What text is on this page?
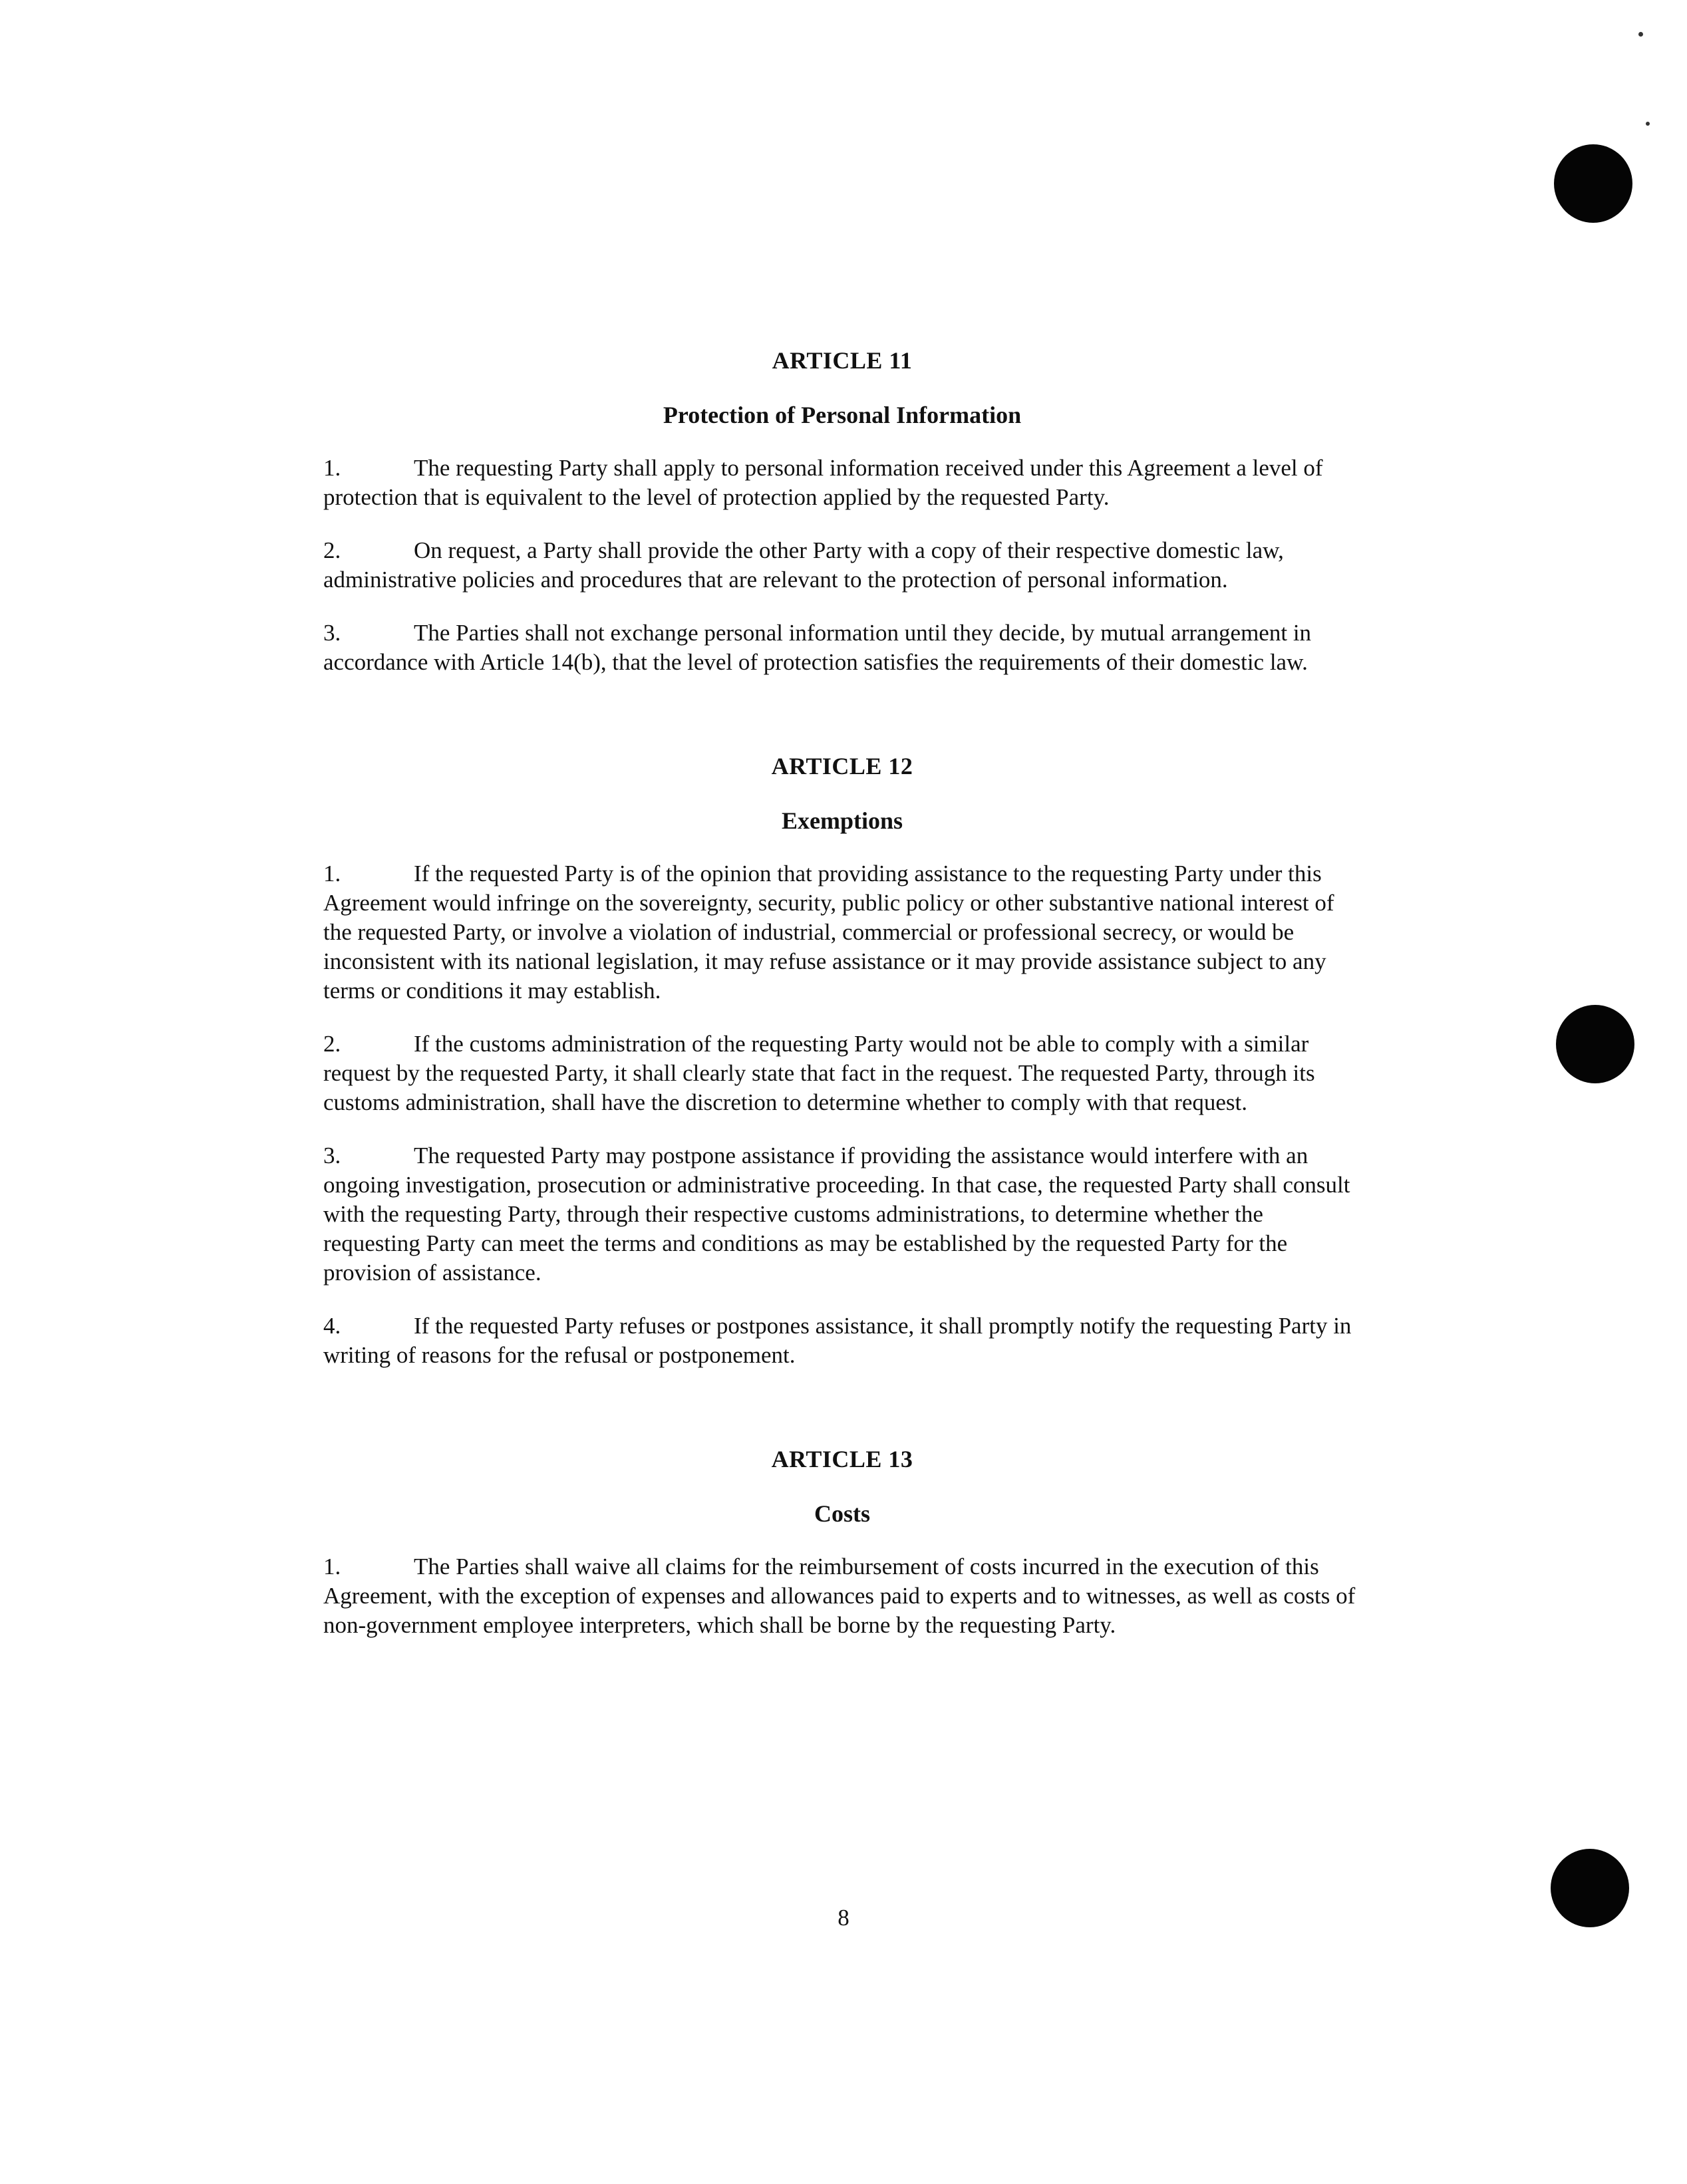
ARTICLE 11
Protection of Personal Information

1.	The requesting Party shall apply to personal information received under this Agreement a level of protection that is equivalent to the level of protection applied by the requested Party.

2.	On request, a Party shall provide the other Party with a copy of their respective domestic law, administrative policies and procedures that are relevant to the protection of personal information.

3.	The Parties shall not exchange personal information until they decide, by mutual arrangement in accordance with Article 14(b), that the level of protection satisfies the requirements of their domestic law.

ARTICLE 12
Exemptions

1.	If the requested Party is of the opinion that providing assistance to the requesting Party under this Agreement would infringe on the sovereignty, security, public policy or other substantive national interest of the requested Party, or involve a violation of industrial, commercial or professional secrecy, or would be inconsistent with its national legislation, it may refuse assistance or it may provide assistance subject to any terms or conditions it may establish.

2.	If the customs administration of the requesting Party would not be able to comply with a similar request by the requested Party, it shall clearly state that fact in the request. The requested Party, through its customs administration, shall have the discretion to determine whether to comply with that request.

3.	The requested Party may postpone assistance if providing the assistance would interfere with an ongoing investigation, prosecution or administrative proceeding. In that case, the requested Party shall consult with the requesting Party, through their respective customs administrations, to determine whether the requesting Party can meet the terms and conditions as may be established by the requested Party for the provision of assistance.

4.	If the requested Party refuses or postpones assistance, it shall promptly notify the requesting Party in writing of reasons for the refusal or postponement.

ARTICLE 13
Costs

1.	The Parties shall waive all claims for the reimbursement of costs incurred in the execution of this Agreement, with the exception of expenses and allowances paid to experts and to witnesses, as well as costs of non-government employee interpreters, which shall be borne by the requesting Party.

8
